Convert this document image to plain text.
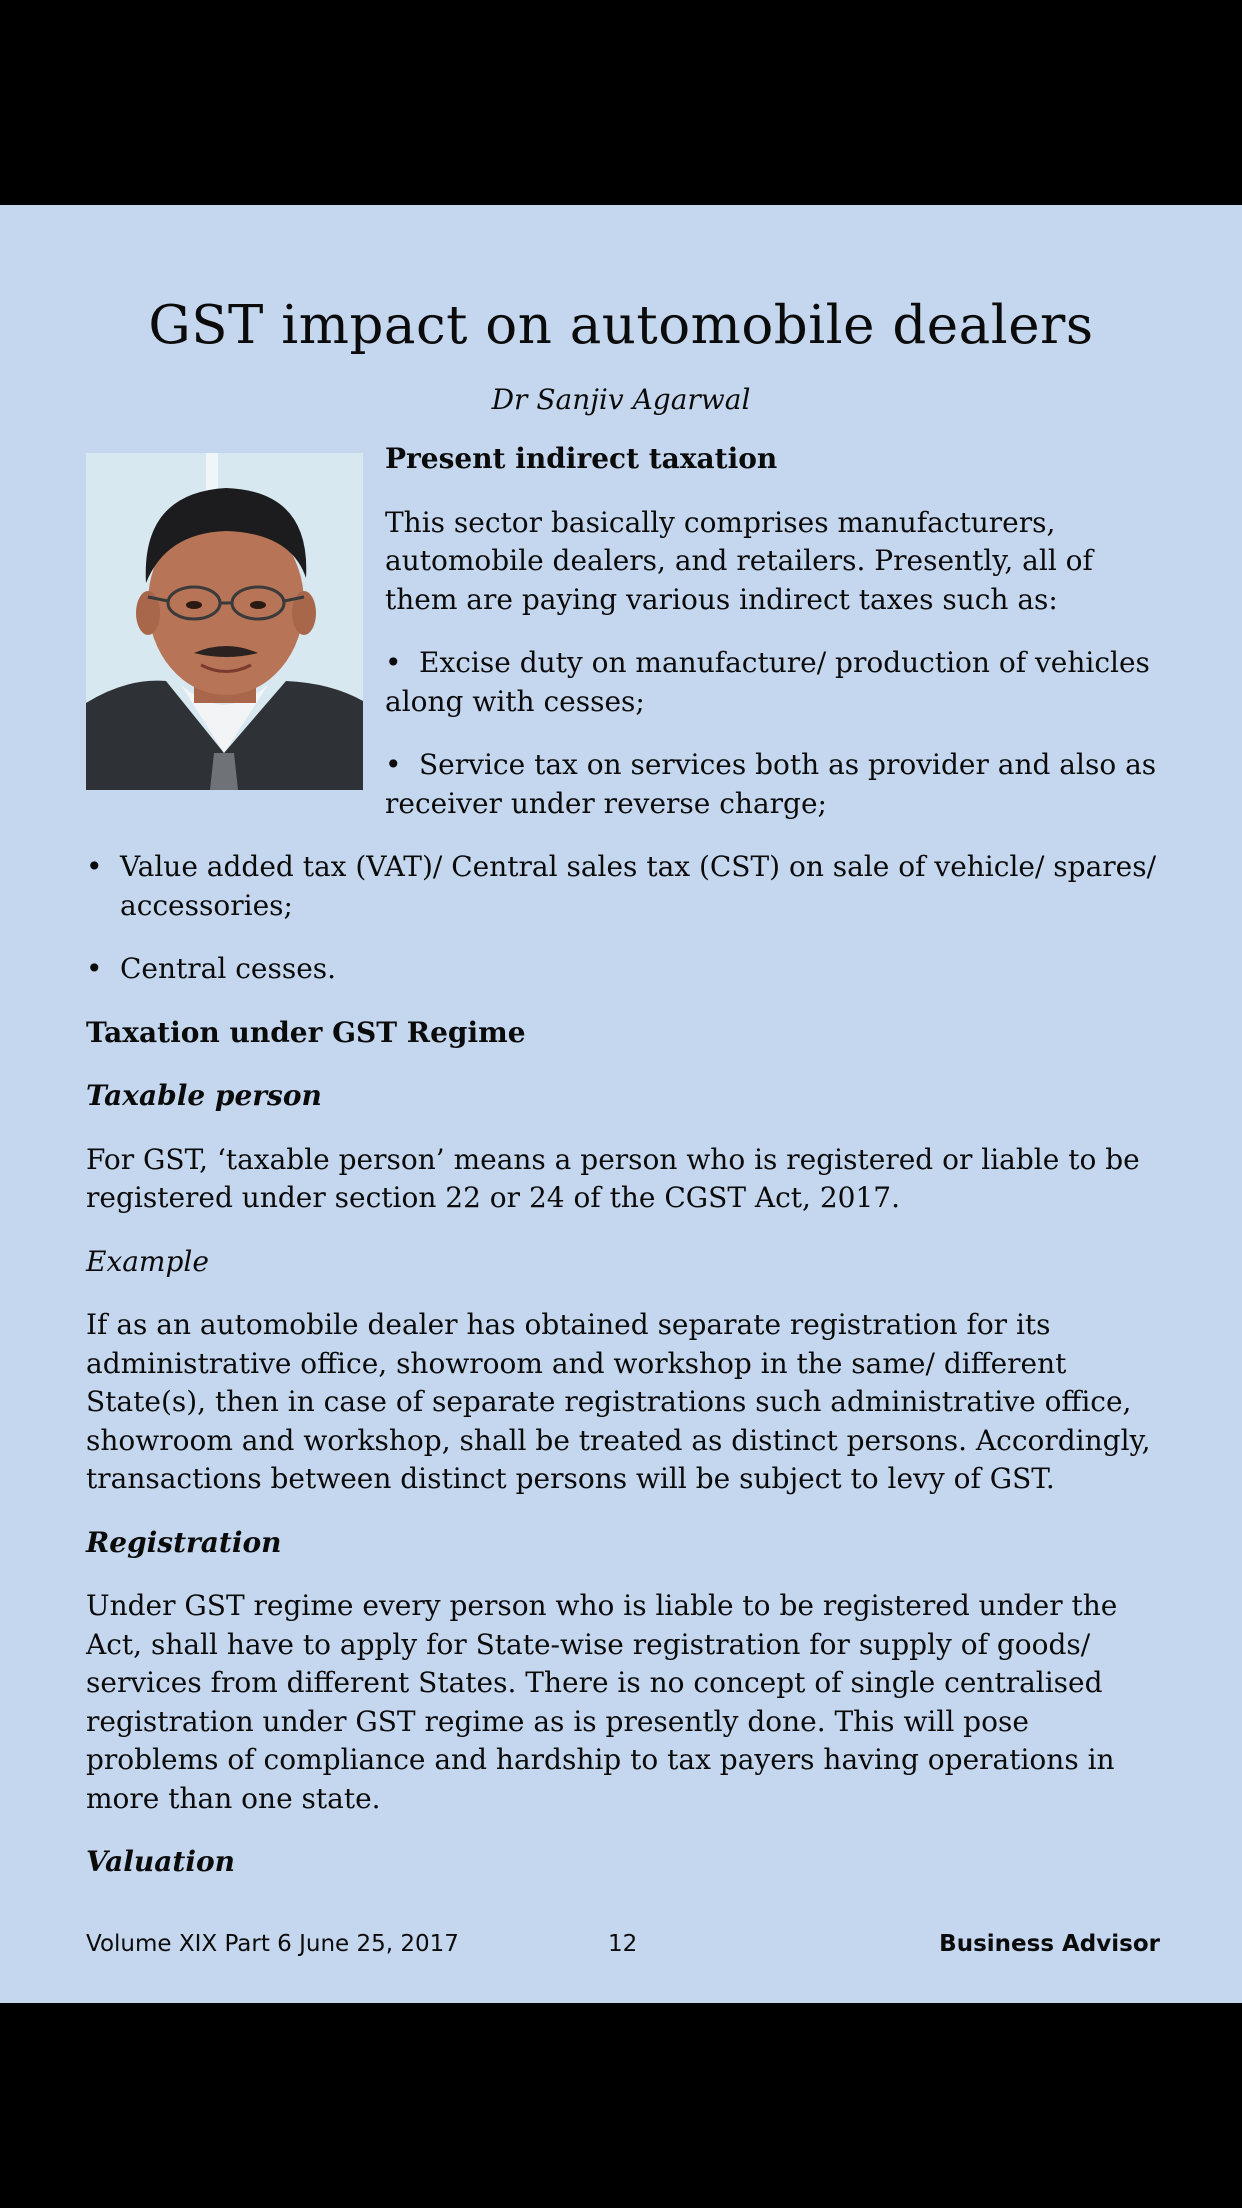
GST impact on automobile dealers
Dr Sanjiv Agarwal

Present indirect taxation

This sector basically comprises manufacturers, automobile dealers, and retailers. Presently, all of them are paying various indirect taxes such as:

• Excise duty on manufacture/ production of vehicles along with cesses;

• Service tax on services both as provider and also as receiver under reverse charge;

• Value added tax (VAT)/ Central sales tax (CST) on sale of vehicle/ spares/ accessories;

• Central cesses.

Taxation under GST Regime

Taxable person

For GST, ‘taxable person’ means a person who is registered or liable to be registered under section 22 or 24 of the CGST Act, 2017.

Example

If as an automobile dealer has obtained separate registration for its administrative office, showroom and workshop in the same/ different State(s), then in case of separate registrations such administrative office, showroom and workshop, shall be treated as distinct persons. Accordingly, transactions between distinct persons will be subject to levy of GST.

Registration

Under GST regime every person who is liable to be registered under the Act, shall have to apply for State-wise registration for supply of goods/ services from different States. There is no concept of single centralised registration under GST regime as is presently done. This will pose problems of compliance and hardship to tax payers having operations in more than one state.

Valuation

Volume XIX Part 6 June 25, 2017	12	Business Advisor
